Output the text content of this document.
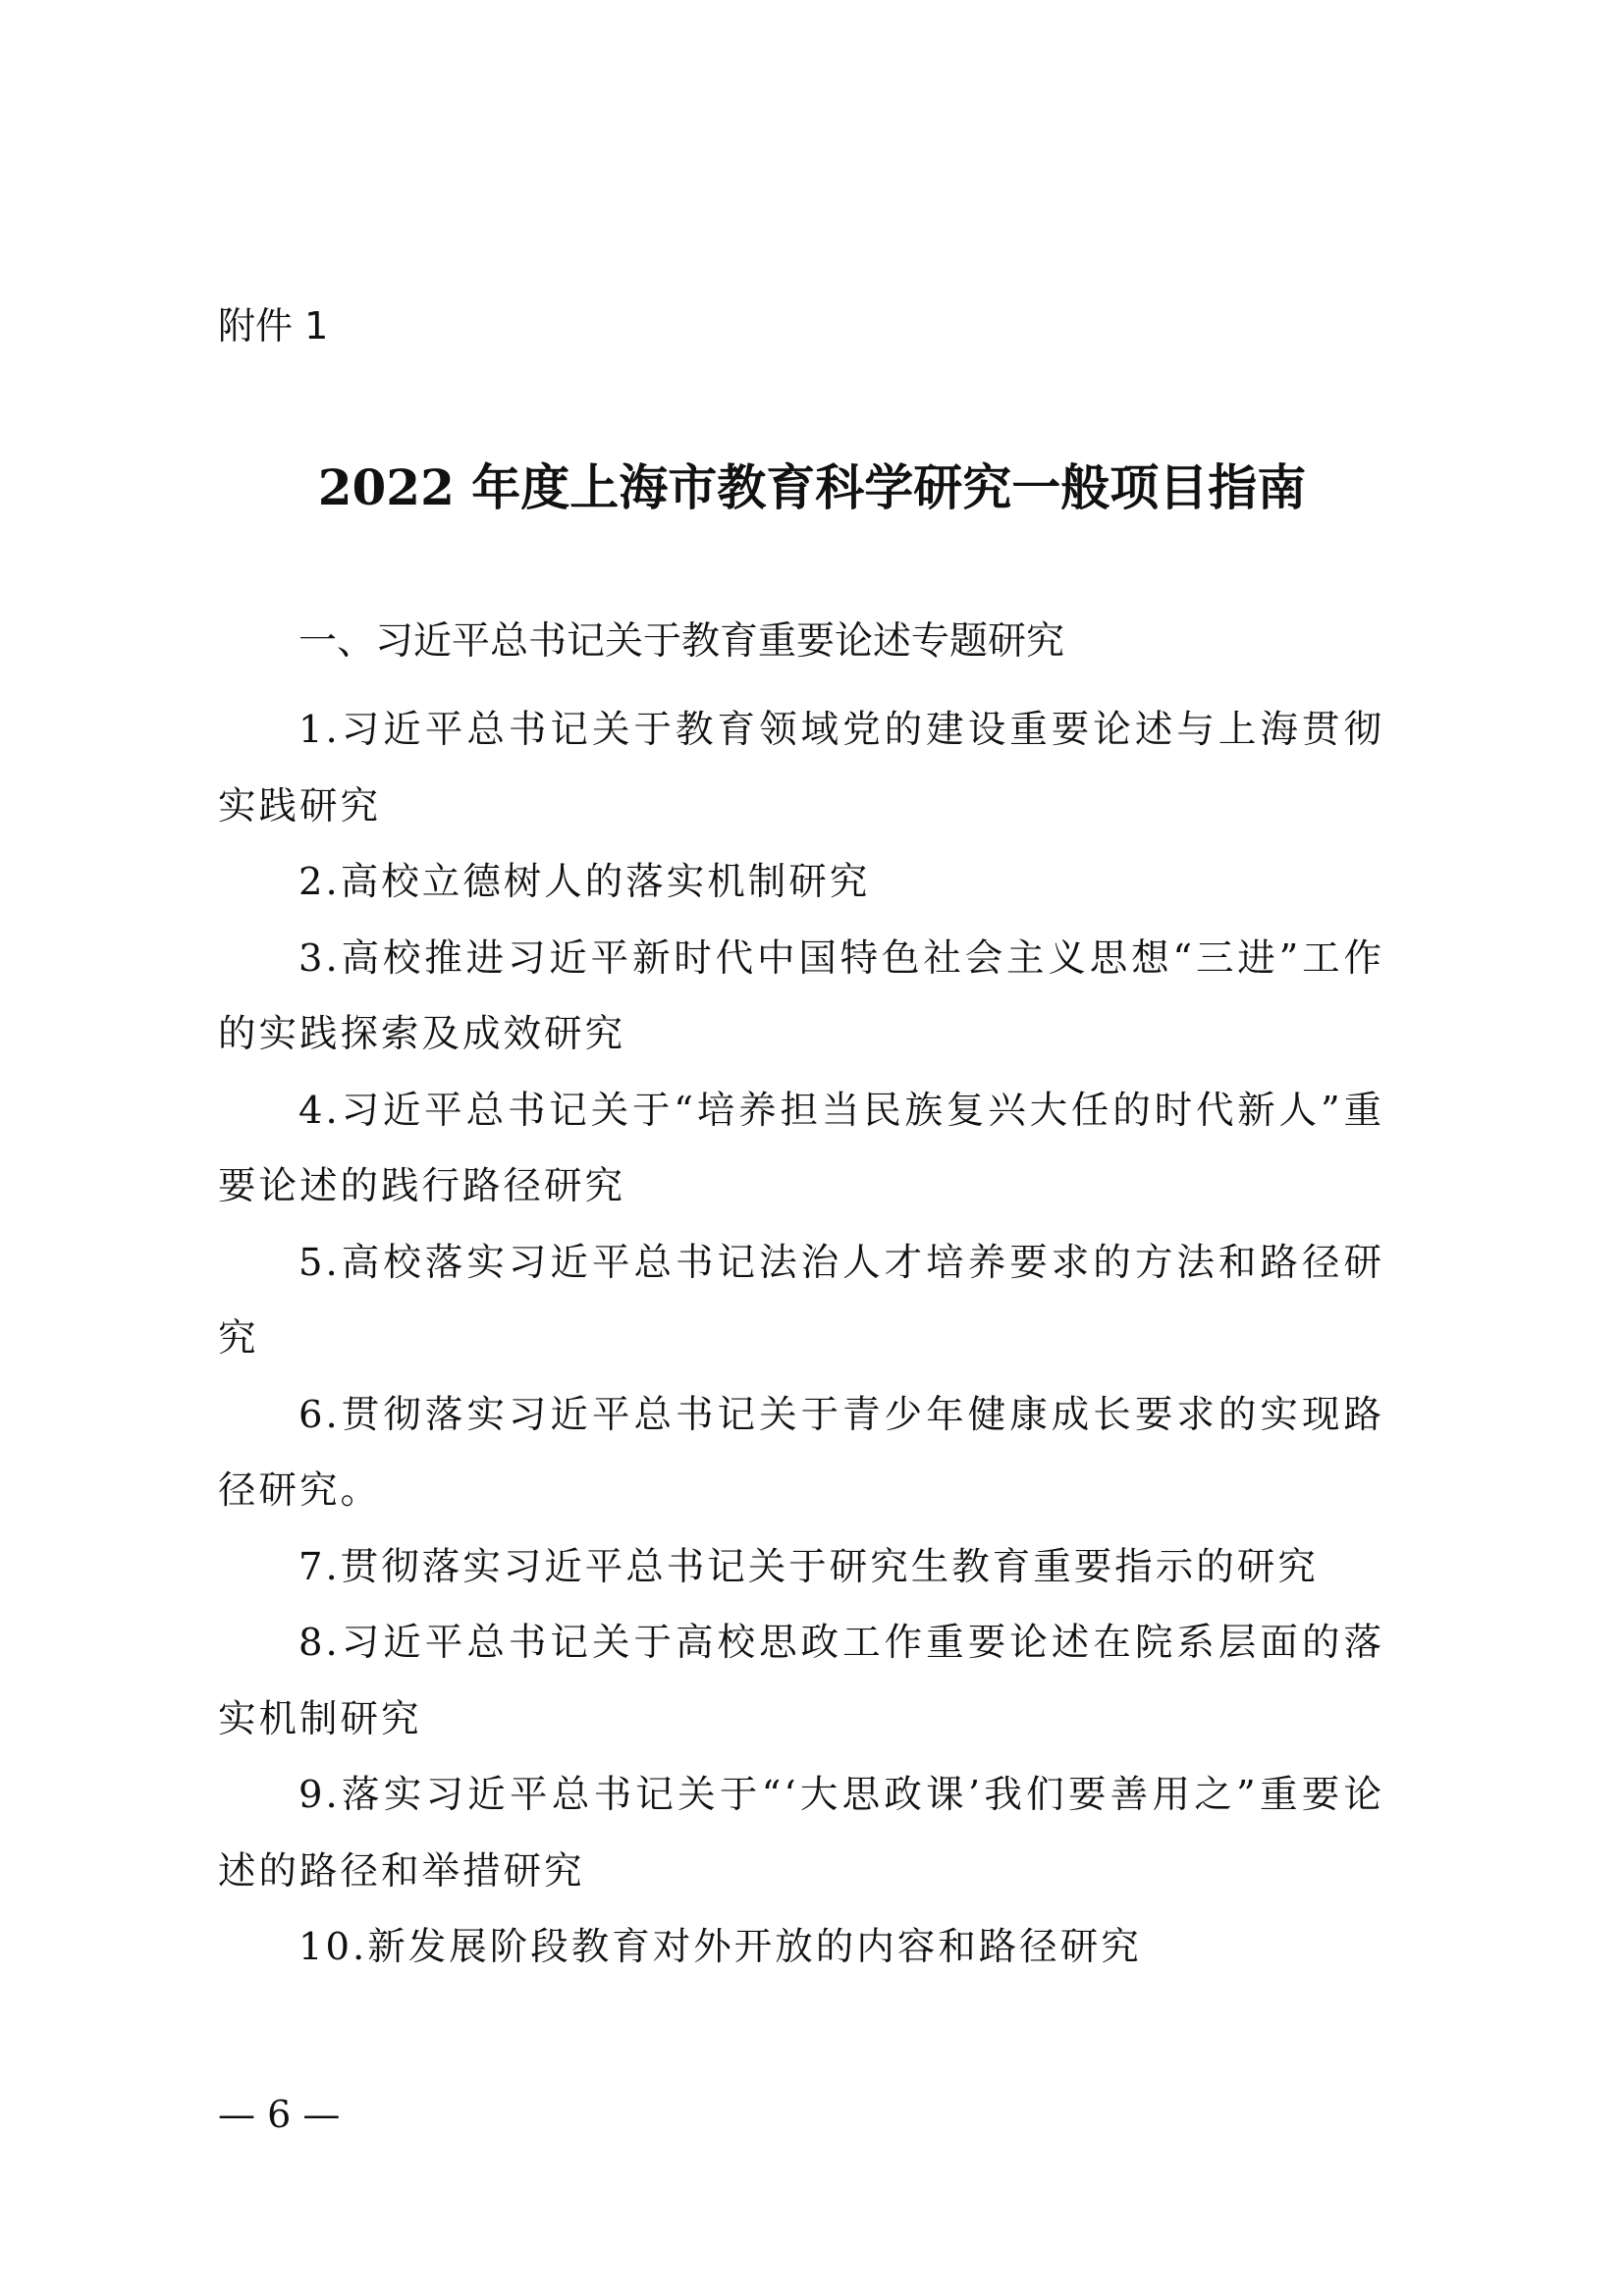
附件 1
2022 年度上海市教育科学研究一般项目指南
一、习近平总书记关于教育重要论述专题研究

1.习近平总书记关于教育领域党的建设重要论述与上海贯彻实践研究

2.高校立德树人的落实机制研究

3.高校推进习近平新时代中国特色社会主义思想“三进”工作的实践探索及成效研究

4.习近平总书记关于“培养担当民族复兴大任的时代新人”重要论述的践行路径研究

5.高校落实习近平总书记法治人才培养要求的方法和路径研究

6.贯彻落实习近平总书记关于青少年健康成长要求的实现路径研究。

7.贯彻落实习近平总书记关于研究生教育重要指示的研究

8.习近平总书记关于高校思政工作重要论述在院系层面的落实机制研究

9.落实习近平总书记关于“‘大思政课’我们要善用之”重要论述的路径和举措研究

10.新发展阶段教育对外开放的内容和路径研究

— 6 —
